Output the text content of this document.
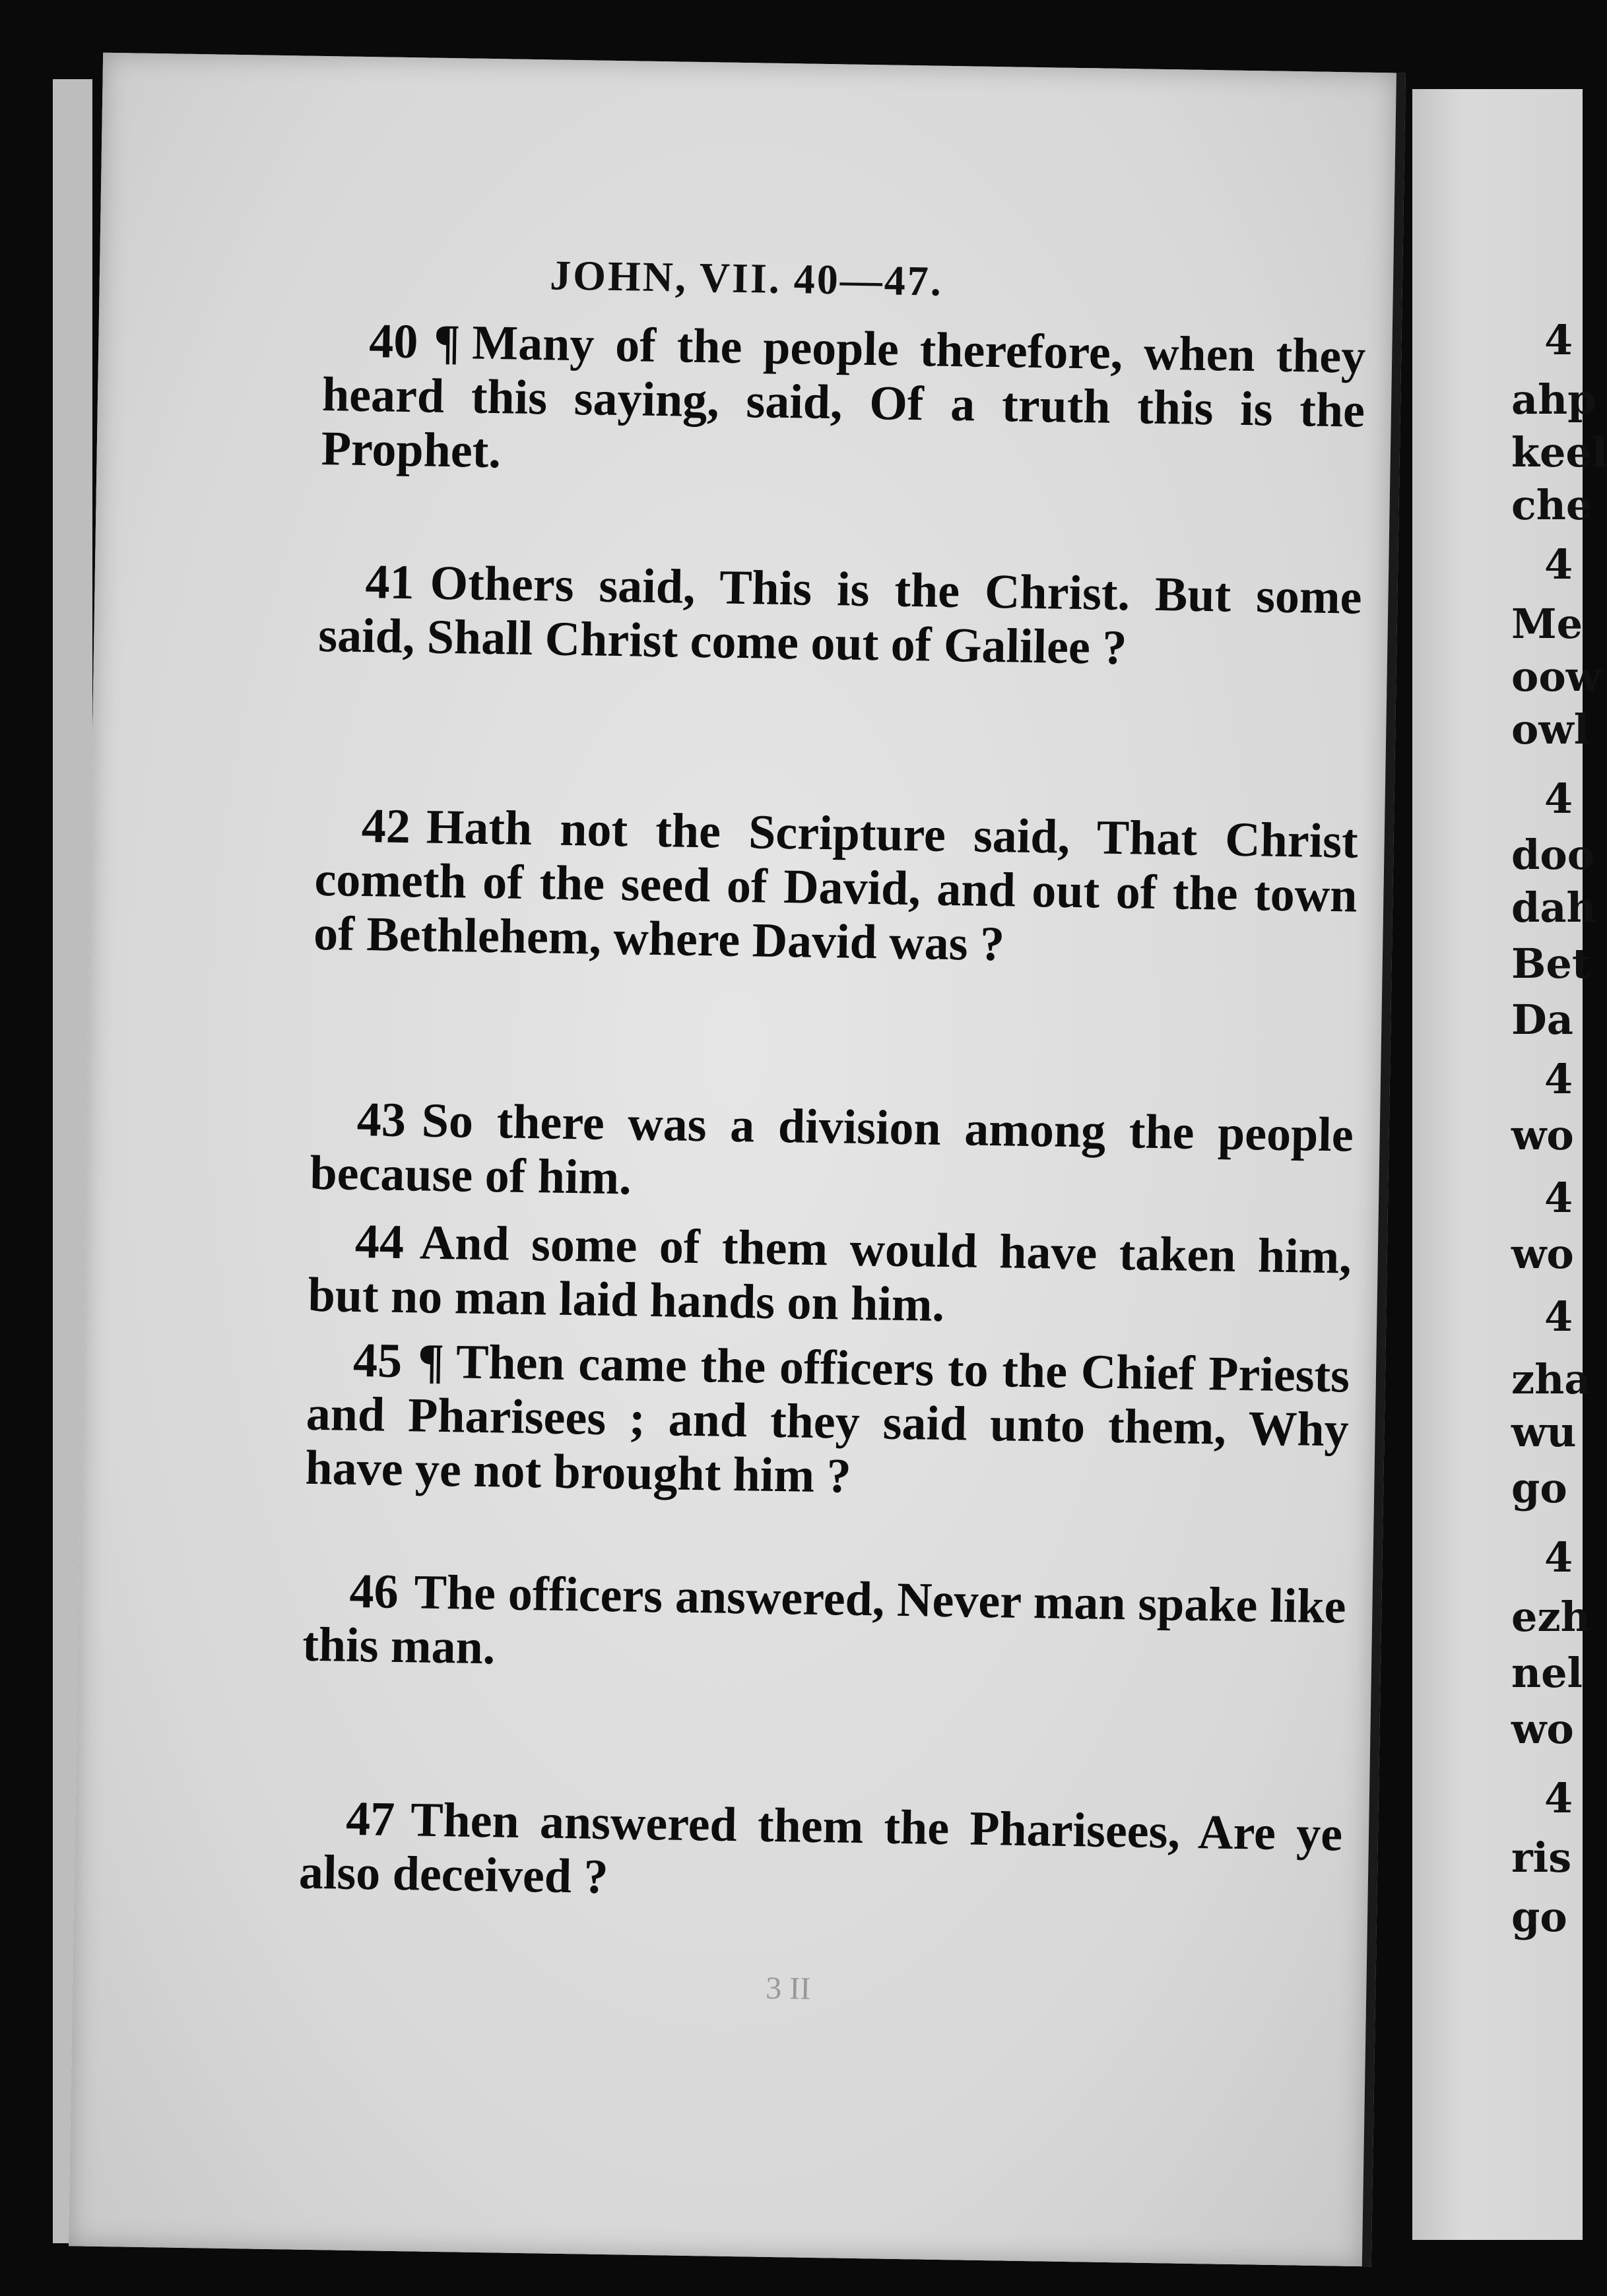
JOHN, VII. 40—47.
40 ¶ Many of the people therefore, when they heard this saying, said, Of a truth this is the Prophet.
41 Others said, This is the Christ. But some said, Shall Christ come out of Galilee ?
42 Hath not the Scripture said, That Christ cometh of the seed of David, and out of the town of Bethlehem, where David was ?
43 So there was a division among the people because of him.
44 And some of them would have taken him, but no man laid hands on him.
45 ¶ Then came the officers to the Chief Priests and Pharisees ; and they said unto them, Why have ye not brought him ?
46 The officers answered, Never man spake like this man.
47 Then answered them the Pharisees, Are ye also deceived ?
3 II
4
ahp
keel
che
4
Me
oow
owl
4
doo
dah
Bet
Da
4
wo
4
wo
4
zha
wu
go
4
ezh
nel
wo
4
ris
go
